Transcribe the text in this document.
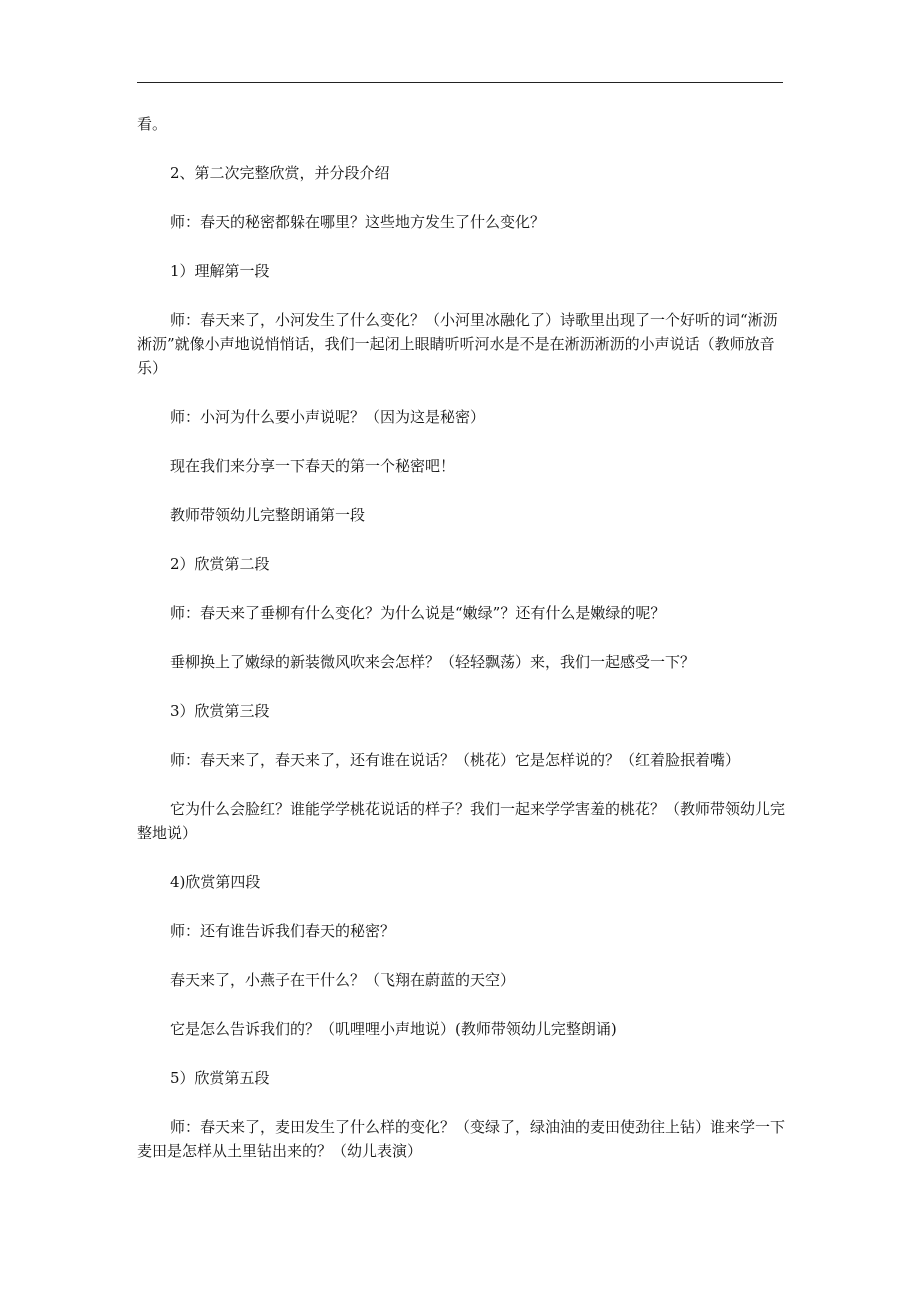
看。

2、第二次完整欣赏，并分段介绍

师：春天的秘密都躲在哪里？这些地方发生了什么变化？

1）理解第一段

师：春天来了，小河发生了什么变化？（小河里冰融化了）诗歌里出现了一个好听的词“淅沥淅沥”就像小声地说悄悄话，我们一起闭上眼睛听听河水是不是在淅沥淅沥的小声说话（教师放音乐）

师：小河为什么要小声说呢？（因为这是秘密）

现在我们来分享一下春天的第一个秘密吧！

教师带领幼儿完整朗诵第一段

2）欣赏第二段

师：春天来了垂柳有什么变化？为什么说是“嫩绿”？还有什么是嫩绿的呢？

垂柳换上了嫩绿的新装微风吹来会怎样？（轻轻飘荡）来，我们一起感受一下？

3）欣赏第三段

师：春天来了，春天来了，还有谁在说话？（桃花）它是怎样说的？（红着脸抿着嘴）

它为什么会脸红？谁能学学桃花说话的样子？我们一起来学学害羞的桃花？（教师带领幼儿完整地说）

4)欣赏第四段

师：还有谁告诉我们春天的秘密？

春天来了，小燕子在干什么？（飞翔在蔚蓝的天空）

它是怎么告诉我们的？（叽哩哩小声地说）(教师带领幼儿完整朗诵)

5）欣赏第五段

师：春天来了，麦田发生了什么样的变化？（变绿了，绿油油的麦田使劲往上钻）谁来学一下麦田是怎样从土里钻出来的？（幼儿表演）
